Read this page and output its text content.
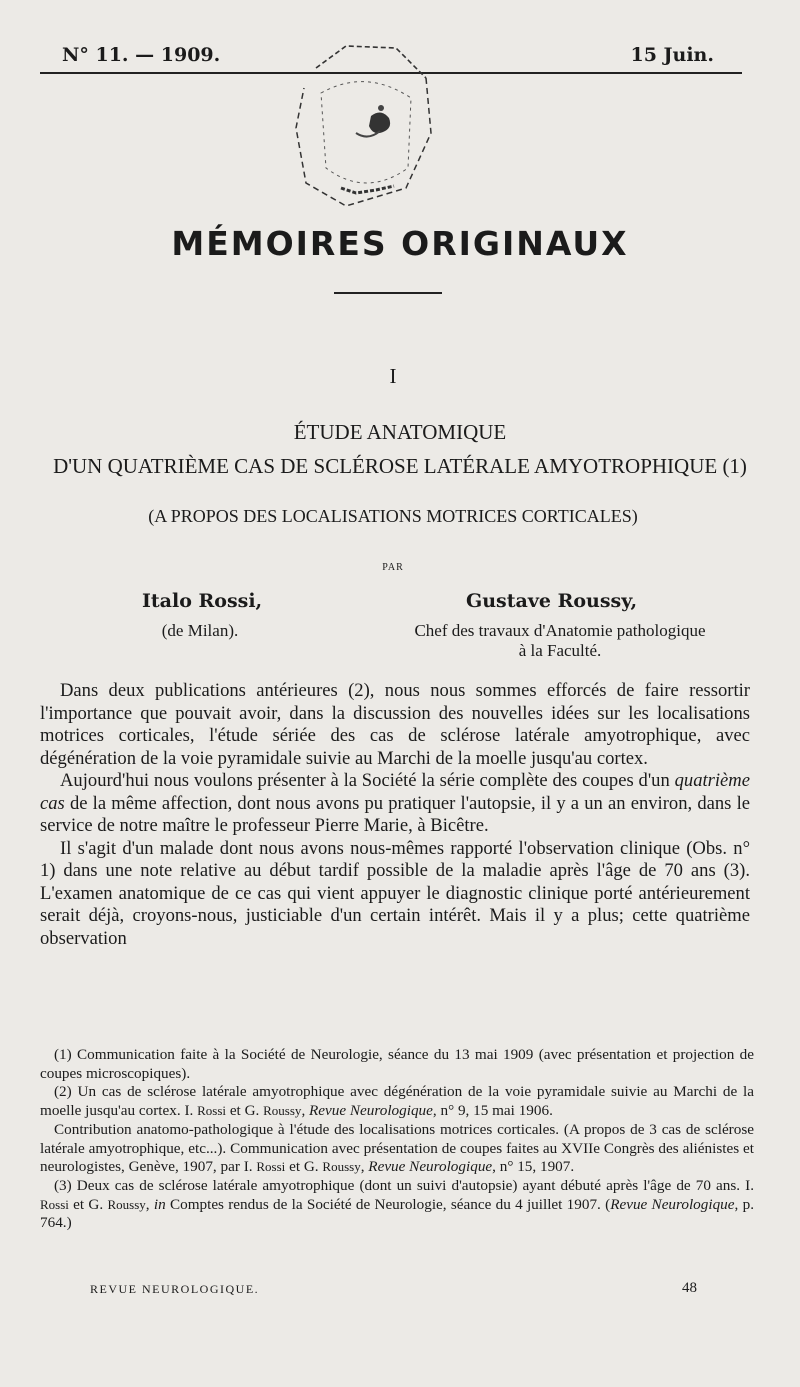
N° 11. — 1909.	15 Juin.
MÉMOIRES ORIGINAUX
I
ÉTUDE ANATOMIQUE
D'UN QUATRIÈME CAS DE SCLÉROSE LATÉRALE AMYOTROPHIQUE (1)
(A PROPOS DES LOCALISATIONS MOTRICES CORTICALES)
PAR
Italo Rossi,
(de Milan).
Gustave Roussy,
Chef des travaux d'Anatomie pathologique
à la Faculté.

Dans deux publications antérieures (2), nous nous sommes efforcés de faire ressortir l'importance que pouvait avoir, dans la discussion des nouvelles idées sur les localisations motrices corticales, l'étude sériée des cas de sclérose latérale amyotrophique, avec dégénération de la voie pyramidale suivie au Marchi de la moelle jusqu'au cortex.

Aujourd'hui nous voulons présenter à la Société la série complète des coupes d'un quatrième cas de la même affection, dont nous avons pu pratiquer l'autopsie, il y a un an environ, dans le service de notre maître le professeur Pierre Marie, à Bicêtre.

Il s'agit d'un malade dont nous avons nous-mêmes rapporté l'observation clinique (Obs. n° 1) dans une note relative au début tardif possible de la maladie après l'âge de 70 ans (3). L'examen anatomique de ce cas qui vient appuyer le diagnostic clinique porté antérieurement serait déjà, croyons-nous, justiciable d'un certain intérêt. Mais il y a plus; cette quatrième observation

(1) Communication faite à la Société de Neurologie, séance du 13 mai 1909 (avec présentation et projection de coupes microscopiques).

(2) Un cas de sclérose latérale amyotrophique avec dégénération de la voie pyramidale suivie au Marchi de la moelle jusqu'au cortex. I. Rossi et G. Roussy, Revue Neurologique, n° 9, 15 mai 1906.

Contribution anatomo-pathologique à l'étude des localisations motrices corticales. (A propos de 3 cas de sclérose latérale amyotrophique, etc...). Communication avec présentation de coupes faites au XVIIe Congrès des aliénistes et neurologistes, Genève, 1907, par I. Rossi et G. Roussy, Revue Neurologique, n° 15, 1907.

(3) Deux cas de sclérose latérale amyotrophique (dont un suivi d'autopsie) ayant débuté après l'âge de 70 ans. I. Rossi et G. Roussy, in Comptes rendus de la Société de Neurologie, séance du 4 juillet 1907. (Revue Neurologique, p. 764.)

REVUE NEUROLOGIQUE.	48
